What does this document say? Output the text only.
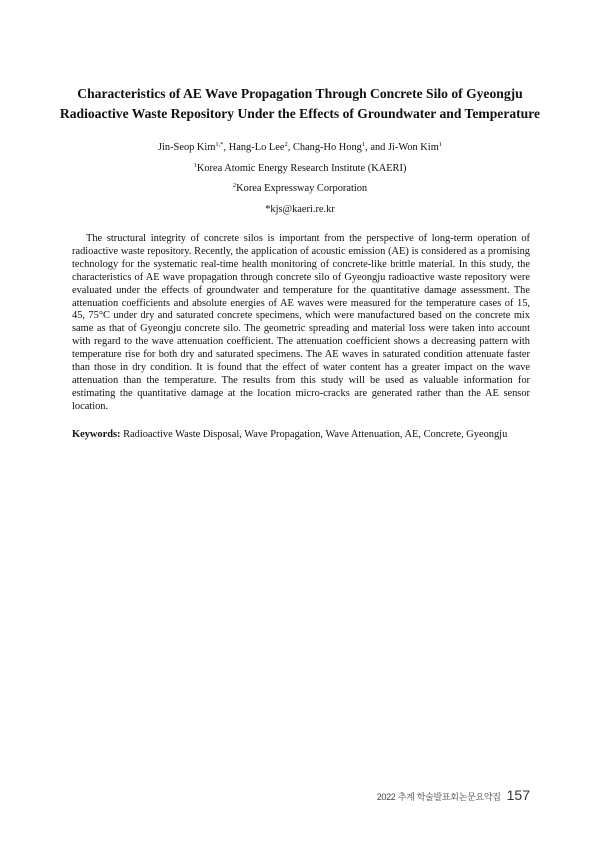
Characteristics of AE Wave Propagation Through Concrete Silo of Gyeongju
Radioactive Waste Repository Under the Effects of Groundwater and Temperature
Jin-Seop Kim$^{1,*}$, Hang-Lo Lee$^2$, Chang-Ho Hong$^1$, and Ji-Won Kim$^1$
$^1$Korea Atomic Energy Research Institute (KAERI)
$^2$Korea Expressway Corporation
*kjs@kaeri.re.kr

The structural integrity of concrete silos is important from the perspective of long-term operation of radioactive waste repository. Recently, the application of acoustic emission (AE) is considered as a promising technology for the systematic real-time health monitoring of concrete-like brittle material. In this study, the characteristics of AE wave propagation through concrete silo of Gyeongju radioactive waste repository were evaluated under the effects of groundwater and temperature for the quantitative damage assessment. The attenuation coefficients and absolute energies of AE waves were measured for the temperature cases of 15, 45, 75°C under dry and saturated concrete specimens, which were manufactured based on the concrete mix same as that of Gyeongju concrete silo. The geometric spreading and material loss were taken into account with regard to the wave attenuation coefficient. The attenuation coefficient shows a decreasing pattern with temperature rise for both dry and saturated specimens. The AE waves in saturated condition attenuate faster than those in dry condition. It is found that the effect of water content has a greater impact on the wave attenuation than the temperature. The results from this study will be used as valuable information for estimating the quantitative damage at the location micro-cracks are generated rather than the AE sensor location.

Keywords: Radioactive Waste Disposal, Wave Propagation, Wave Attenuation, AE, Concrete, Gyeongju

2022 추계 학술발표회논문요약집 157
